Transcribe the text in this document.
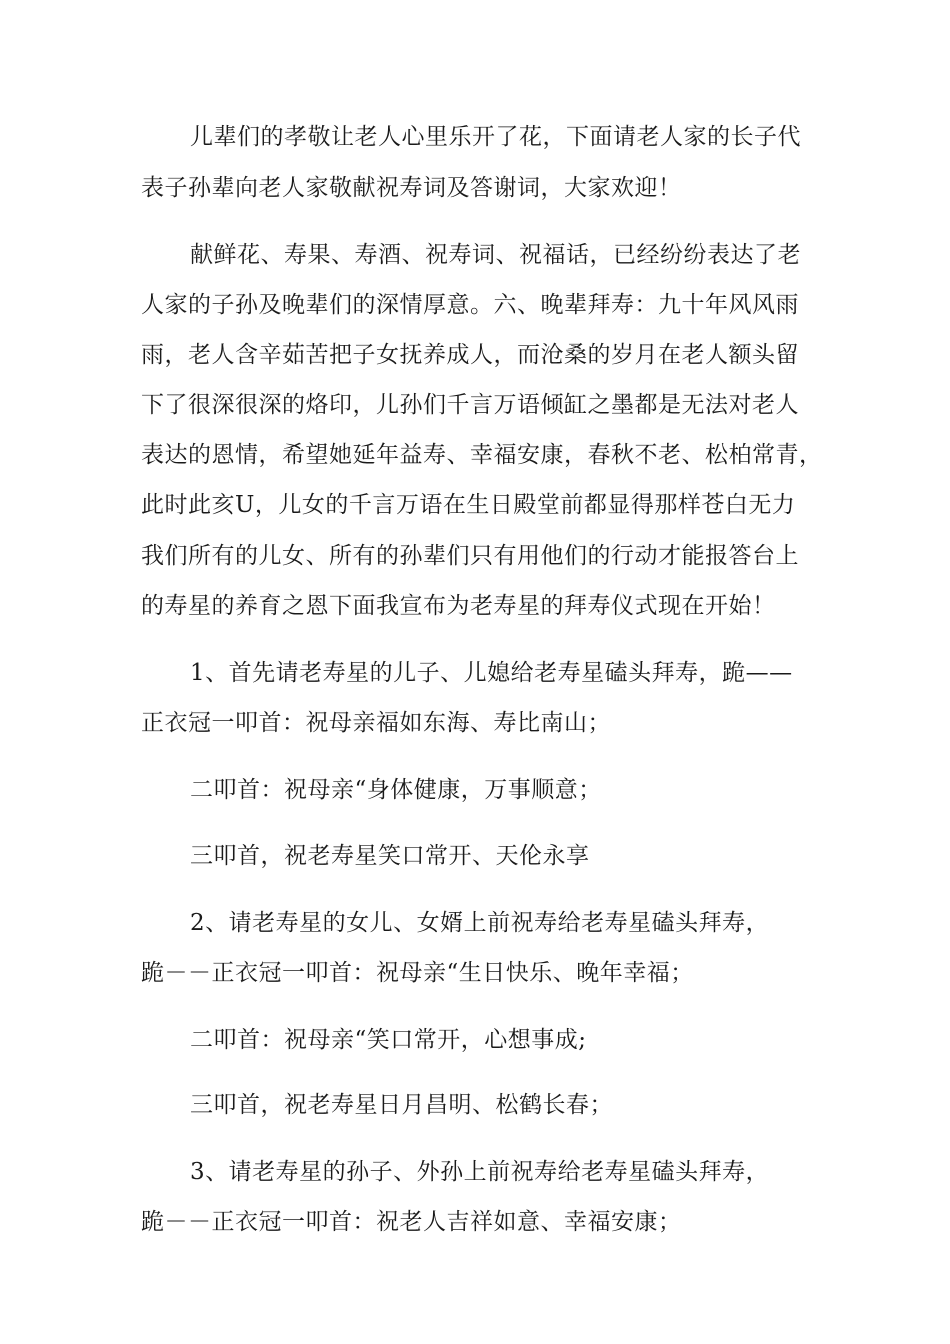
儿辈们的孝敬让老人心里乐开了花，下面请老人家的长子代
表子孙辈向老人家敬献祝寿词及答谢词，大家欢迎！
献鲜花、寿果、寿酒、祝寿词、祝福话，已经纷纷表达了老
人家的子孙及晚辈们的深情厚意。六、晚辈拜寿：九十年风风雨
雨，老人含辛茹苦把子女抚养成人，而沧桑的岁月在老人额头留
下了很深很深的烙印，儿孙们千言万语倾缸之墨都是无法对老人
表达的恩情，希望她延年益寿、幸福安康，春秋不老、松柏常青，
此时此亥U，儿女的千言万语在生日殿堂前都显得那样苍白无力
我们所有的儿女、所有的孙辈们只有用他们的行动才能报答台上
的寿星的养育之恩下面我宣布为老寿星的拜寿仪式现在开始！
1、首先请老寿星的儿子、儿媳给老寿星磕头拜寿，跪——
正衣冠一叩首：祝母亲福如东海、寿比南山；
二叩首：祝母亲“身体健康，万事顺意；
三叩首，祝老寿星笑口常开、天伦永享
2、请老寿星的女儿、女婿上前祝寿给老寿星磕头拜寿，
跪－－正衣冠一叩首：祝母亲“生日快乐、晚年幸福；
二叩首：祝母亲“笑口常开，心想事成;
三叩首，祝老寿星日月昌明、松鹤长春；
3、请老寿星的孙子、外孙上前祝寿给老寿星磕头拜寿，
跪－－正衣冠一叩首：祝老人吉祥如意、幸福安康；
